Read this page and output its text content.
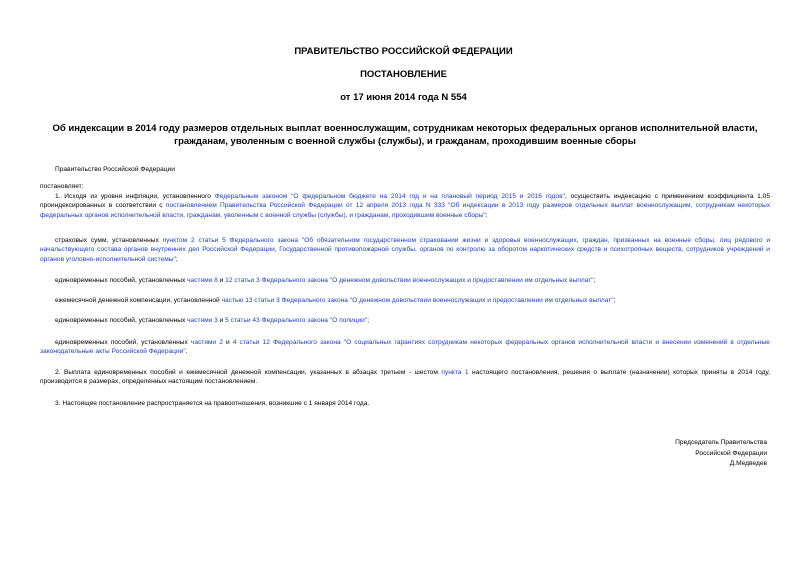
ПРАВИТЕЛЬСТВО РОССИЙСКОЙ ФЕДЕРАЦИИ
ПОСТАНОВЛЕНИЕ
от 17 июня 2014 года N 554
Об индексации в 2014 году размеров отдельных выплат военнослужащим, сотрудникам некоторых федеральных органов исполнительной власти, гражданам, уволенным с военной службы (службы), и гражданам, проходившим военные сборы
Правительство Российской Федерации
постановляет:
1. Исходя из уровня инфляции, установленного Федеральным законом "О федеральном бюджете на 2014 год и на плановый период 2015 и 2016 годов", осуществить индексацию с применением коэффициента 1,05 проиндексированных в соответствии с постановлением Правительства Российской Федерации от 12 апреля 2013 года N 333 "Об индексации в 2013 году размеров отдельных выплат военнослужащим, сотрудникам некоторых федеральных органов исполнительной власти, гражданам, уволенным с военной службы (службы), и гражданам, проходившим военные сборы":
страховых сумм, установленных пунктом 2 статьи 5 Федерального закона "Об обязательном государственном страховании жизни и здоровья военнослужащих, граждан, призванных на военные сборы, лиц рядового и начальствующего состава органов внутренних дел Российской Федерации, Государственной противопожарной службы, органов по контролю за оборотом наркотических средств и психотропных веществ, сотрудников учреждений и органов уголовно-исполнительной системы";
единовременных пособий, установленных частями 8 и 12 статьи 3 Федерального закона "О денежном довольствии военнослужащих и предоставлении им отдельных выплат";
ежемесячной денежной компенсации, установленной частью 13 статьи 3 Федерального закона "О денежном довольствии военнослужащих и предоставлении им отдельных выплат";
единовременных пособий, установленных частями 3 и 5 статьи 43 Федерального закона "О полиции";
единовременных пособий, установленных частями 2 и 4 статьи 12 Федерального закона "О социальных гарантиях сотрудникам некоторых федеральных органов исполнительной власти и внесении изменений в отдельные законодательные акты Российской Федерации".
2. Выплата единовременных пособий и ежемесячной денежной компенсации, указанных в абзацах третьем - шестом пункта 1 настоящего постановления, решения о выплате (назначении) которых приняты в 2014 году, производится в размерах, определенных настоящим постановлением.
3. Настоящее постановление распространяется на правоотношения, возникшие с 1 января 2014 года.
Председатель Правительства
Российской Федерации
Д.Медведев
